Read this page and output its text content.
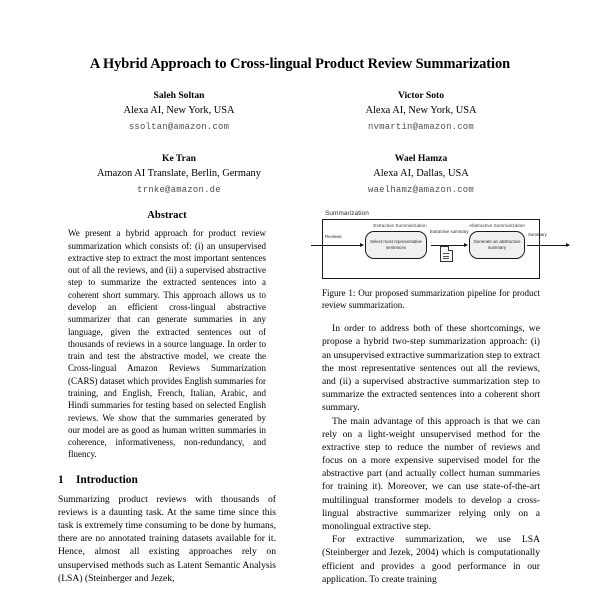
A Hybrid Approach to Cross-lingual Product Review Summarization
Saleh Soltan
Alexa AI, New York, USA
ssoltan@amazon.com
Victor Soto
Alexa AI, New York, USA
nvmartin@amazon.com
Ke Tran
Amazon AI Translate, Berlin, Germany
trnke@amazon.de
Wael Hamza
Alexa AI, Dallas, USA
waelhamz@amazon.com
Abstract

We present a hybrid approach for product review summarization which consists of: (i) an unsupervised extractive step to extract the most important sentences out of all the reviews, and (ii) a supervised abstractive step to summarize the extracted sentences into a coherent short summary. This approach allows us to develop an efficient cross-lingual abstractive summarizer that can generate summaries in any language, given the extracted sentences out of thousands of reviews in a source language. In order to train and test the abstractive model, we create the Cross-lingual Amazon Reviews Summarization (CARS) dataset which provides English summaries for training, and English, French, Italian, Arabic, and Hindi summaries for testing based on selected English reviews. We show that the summaries generated by our model are as good as human written summaries in coherence, informativeness, non-redundancy, and fluency.

1	Introduction

Summarizing product reviews with thousands of reviews is a daunting task. At the same time since this task is extremely time consuming to be done by humans, there are no annotated training datasets available for it. Hence, almost all existing approaches rely on unsupervised methods such as Latent Semantic Analysis (LSA) (Steinberger and Jezek,

Summarization
Extractive Summarization	Abstractive Summarization
Reviews
Select most representative sentences
Extractive summary
Generate an abstractive summary
Summary

Figure 1: Our proposed summarization pipeline for product review summarization.

In order to address both of these shortcomings, we propose a hybrid two-step summarization approach: (i) an unsupervised extractive summarization step to extract the most representative sentences out all the reviews, and (ii) a supervised abstractive summarization step to summarize the extracted sentences into a coherent short summary.

The main advantage of this approach is that we can rely on a light-weight unsupervised method for the extractive step to reduce the number of reviews and focus on a more expensive supervised model for the abstractive part (and actually collect human summaries for training it). Moreover, we can use state-of-the-art multilingual transformer models to develop a cross-lingual abstractive summarizer relying only on a monolingual extractive step.

For extractive summarization, we use LSA (Steinberger and Jezek, 2004) which is computationally efficient and provides a good performance in our application. To create training
